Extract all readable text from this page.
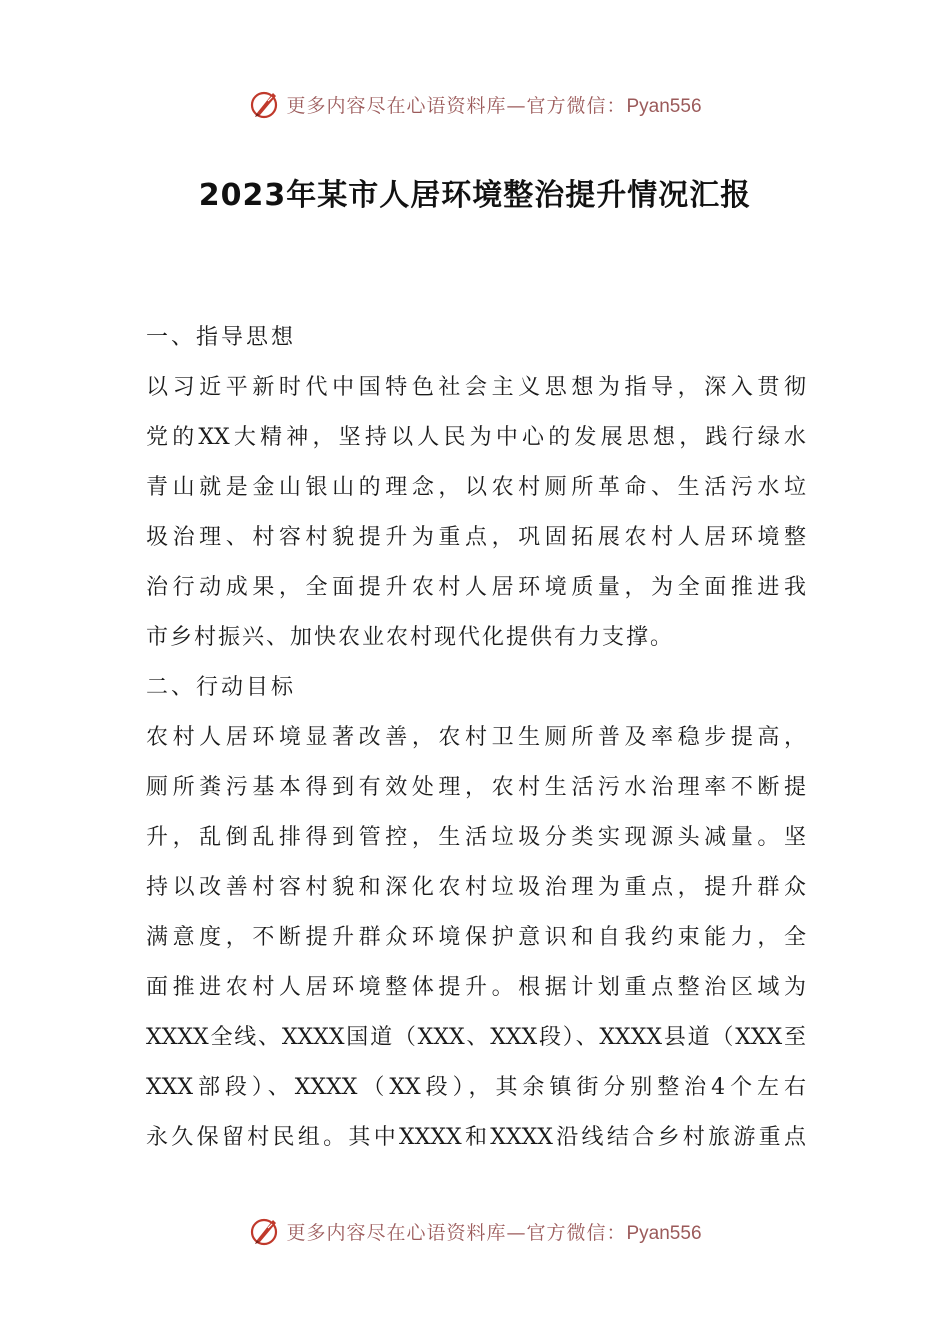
更多内容尽在心语资料库—官方微信：Pyan556
2023年某市人居环境整治提升情况汇报
一、指导思想
以习近平新时代中国特色社会主义思想为指导，深入贯彻
党的XX大精神，坚持以人民为中心的发展思想，践行绿水
青山就是金山银山的理念，以农村厕所革命、生活污水垃
圾治理、村容村貌提升为重点，巩固拓展农村人居环境整
治行动成果，全面提升农村人居环境质量，为全面推进我
市乡村振兴、加快农业农村现代化提供有力支撑。
二、行动目标
农村人居环境显著改善，农村卫生厕所普及率稳步提高，
厕所粪污基本得到有效处理，农村生活污水治理率不断提
升，乱倒乱排得到管控，生活垃圾分类实现源头减量。坚
持以改善村容村貌和深化农村垃圾治理为重点，提升群众
满意度，不断提升群众环境保护意识和自我约束能力，全
面推进农村人居环境整体提升。根据计划重点整治区域为
XXXX全线、XXXX国道（XXX、XXX段）、XXXX县道（XXX至
XXX部段）、XXXX（XX段），其余镇街分别整治4个左右
永久保留村民组。其中XXXX和XXXX沿线结合乡村旅游重点
更多内容尽在心语资料库—官方微信：Pyan556
